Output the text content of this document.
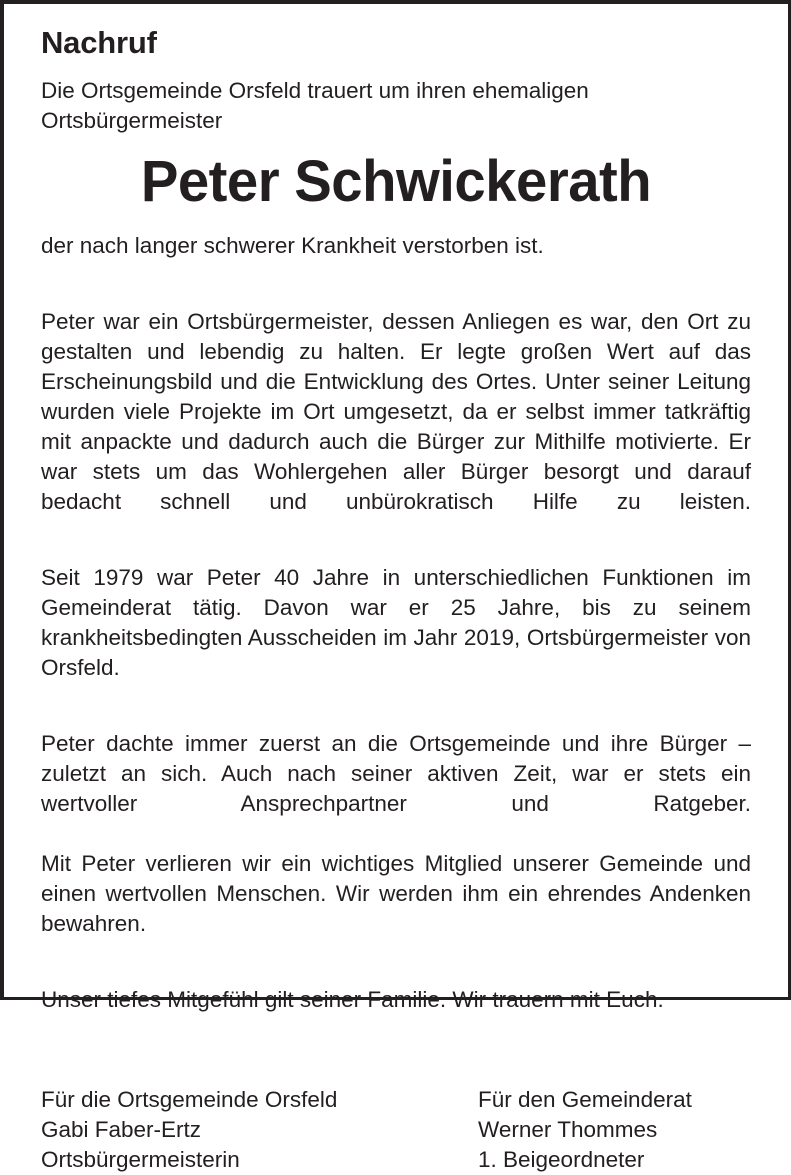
Nachruf

Die Ortsgemeinde Orsfeld trauert um ihren ehemaligen Ortsbürgermeister

Peter Schwickerath

der nach langer schwerer Krankheit verstorben ist.

Peter war ein Ortsbürgermeister, dessen Anliegen es war, den Ort zu gestalten und lebendig zu halten. Er legte großen Wert auf das Erscheinungsbild und die Entwicklung des Ortes. Unter seiner Leitung wurden viele Projekte im Ort umgesetzt, da er selbst immer tatkräftig mit anpackte und dadurch auch die Bürger zur Mithilfe motivierte. Er war stets um das Wohlergehen aller Bürger besorgt und darauf bedacht schnell und unbürokratisch Hilfe zu leisten.

Seit 1979 war Peter 40 Jahre in unterschiedlichen Funktionen im Gemeinderat tätig. Davon war er 25 Jahre, bis zu seinem krankheitsbedingten Ausscheiden im Jahr 2019, Ortsbürgermeister von Orsfeld.

Peter dachte immer zuerst an die Ortsgemeinde und ihre Bürger – zuletzt an sich. Auch nach seiner aktiven Zeit, war er stets ein wertvoller Ansprechpartner und Ratgeber.

Mit Peter verlieren wir ein wichtiges Mitglied unserer Gemeinde und einen wertvollen Menschen. Wir werden ihm ein ehrendes Andenken bewahren.

Unser tiefes Mitgefühl gilt seiner Familie. Wir trauern mit Euch.

Für die Ortsgemeinde Orsfeld
Gabi Faber-Ertz
Ortsbürgermeisterin
Für den Gemeinderat
Werner Thommes
1. Beigeordneter
